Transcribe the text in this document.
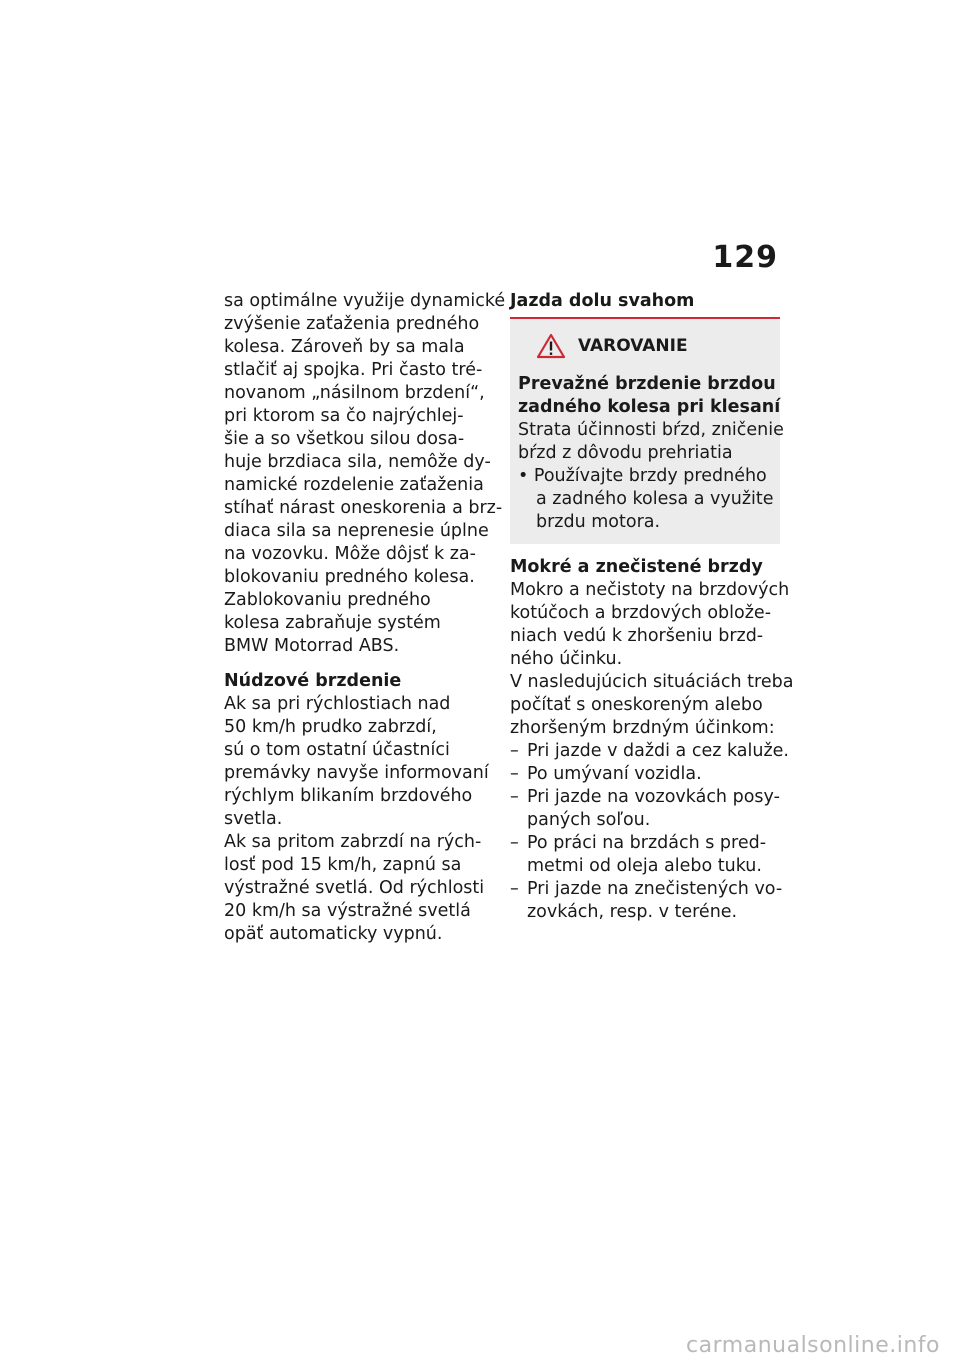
129
sa optimálne využije dynamické
zvýšenie zaťaženia predného
kolesa. Zároveň by sa mala
stlačiť aj spojka. Pri často tré-
novanom „násilnom brzdení“,
pri ktorom sa čo najrýchlej-
šie a so všetkou silou dosa-
huje brzdiaca sila, nemôže dy-
namické rozdelenie zaťaženia
stíhať nárast oneskorenia a brz-
diaca sila sa neprenesie úplne
na vozovku. Môže dôjsť k za-
blokovaniu predného kolesa.
Zablokovaniu predného
kolesa zabraňuje systém
BMW Motorrad ABS.
Núdzové brzdenie
Ak sa pri rýchlostiach nad
50 km/h prudko zabrzdí,
sú o tom ostatní účastníci
premávky navyše informovaní
rýchlym blikaním brzdového
svetla.
Ak sa pritom zabrzdí na rých-
losť pod 15 km/h, zapnú sa
výstražné svetlá. Od rýchlosti
20 km/h sa výstražné svetlá
opäť automaticky vypnú.
Jazda dolu svahom
VAROVANIE
Prevažné brzdenie brzdou
zadného kolesa pri klesaní
Strata účinnosti bŕzd, zničenie
bŕzd z dôvodu prehriatia
• Používajte brzdy predného
a zadného kolesa a využite
brzdu motora.
Mokré a znečistené brzdy
Mokro a nečistoty na brzdových
kotúčoch a brzdových oblože-
niach vedú k zhoršeniu brzd-
ného účinku.
V nasledujúcich situáciách treba
počítať s oneskoreným alebo
zhoršeným brzdným účinkom:
– Pri jazde v daždi a cez kaluže.
– Po umývaní vozidla.
– Pri jazde na vozovkách posy-
paných soľou.
– Po práci na brzdách s pred-
metmi od oleja alebo tuku.
– Pri jazde na znečistených vo-
zovkách, resp. v teréne.
carmanualsonline.info
